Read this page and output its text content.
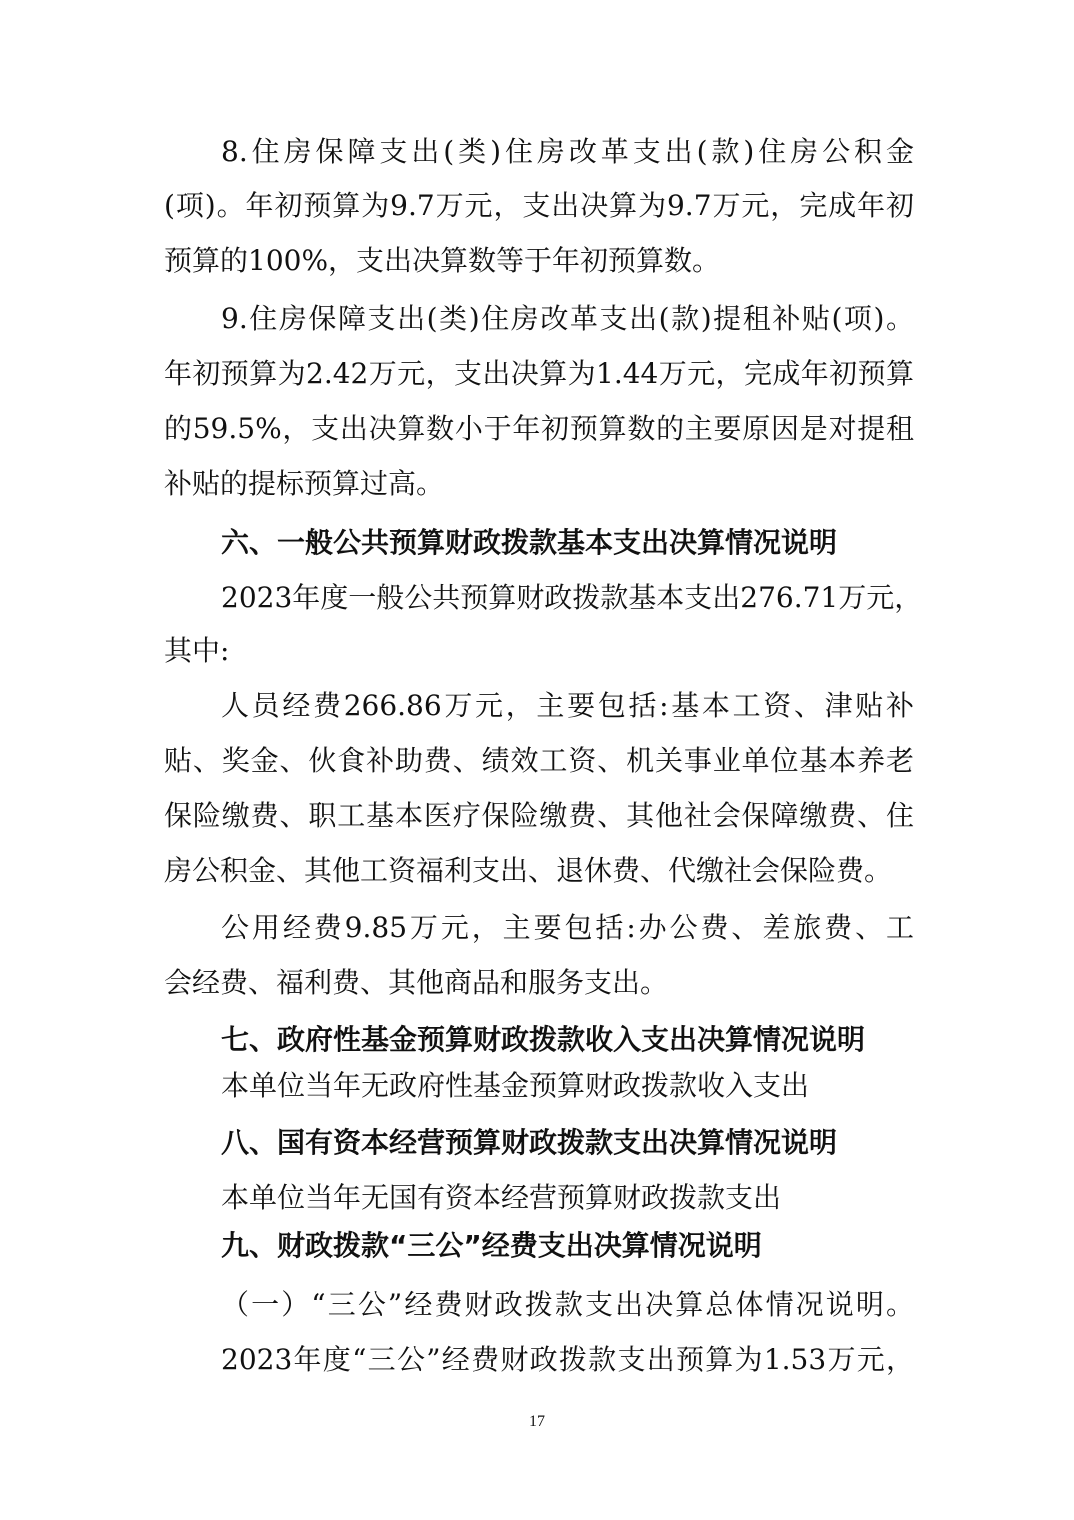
8.住房保障支出(类)住房改革支出(款)住房公积金
(项)。年初预算为9.7万元，支出决算为9.7万元，完成年初
预算的100%，支出决算数等于年初预算数。
9.住房保障支出(类)住房改革支出(款)提租补贴(项)。
年初预算为2.42万元，支出决算为1.44万元，完成年初预算
的59.5%，支出决算数小于年初预算数的主要原因是对提租
补贴的提标预算过高。
六、一般公共预算财政拨款基本支出决算情况说明
2023年度一般公共预算财政拨款基本支出276.71万元，
其中:
人员经费266.86万元，主要包括:基本工资、津贴补
贴、奖金、伙食补助费、绩效工资、机关事业单位基本养老
保险缴费、职工基本医疗保险缴费、其他社会保障缴费、住
房公积金、其他工资福利支出、退休费、代缴社会保险费。
公用经费9.85万元，主要包括:办公费、差旅费、工
会经费、福利费、其他商品和服务支出。
七、政府性基金预算财政拨款收入支出决算情况说明
本单位当年无政府性基金预算财政拨款收入支出
八、国有资本经营预算财政拨款支出决算情况说明
本单位当年无国有资本经营预算财政拨款支出
九、财政拨款“三公”经费支出决算情况说明
（一）“三公”经费财政拨款支出决算总体情况说明。
2023年度“三公”经费财政拨款支出预算为1.53万元，
17
